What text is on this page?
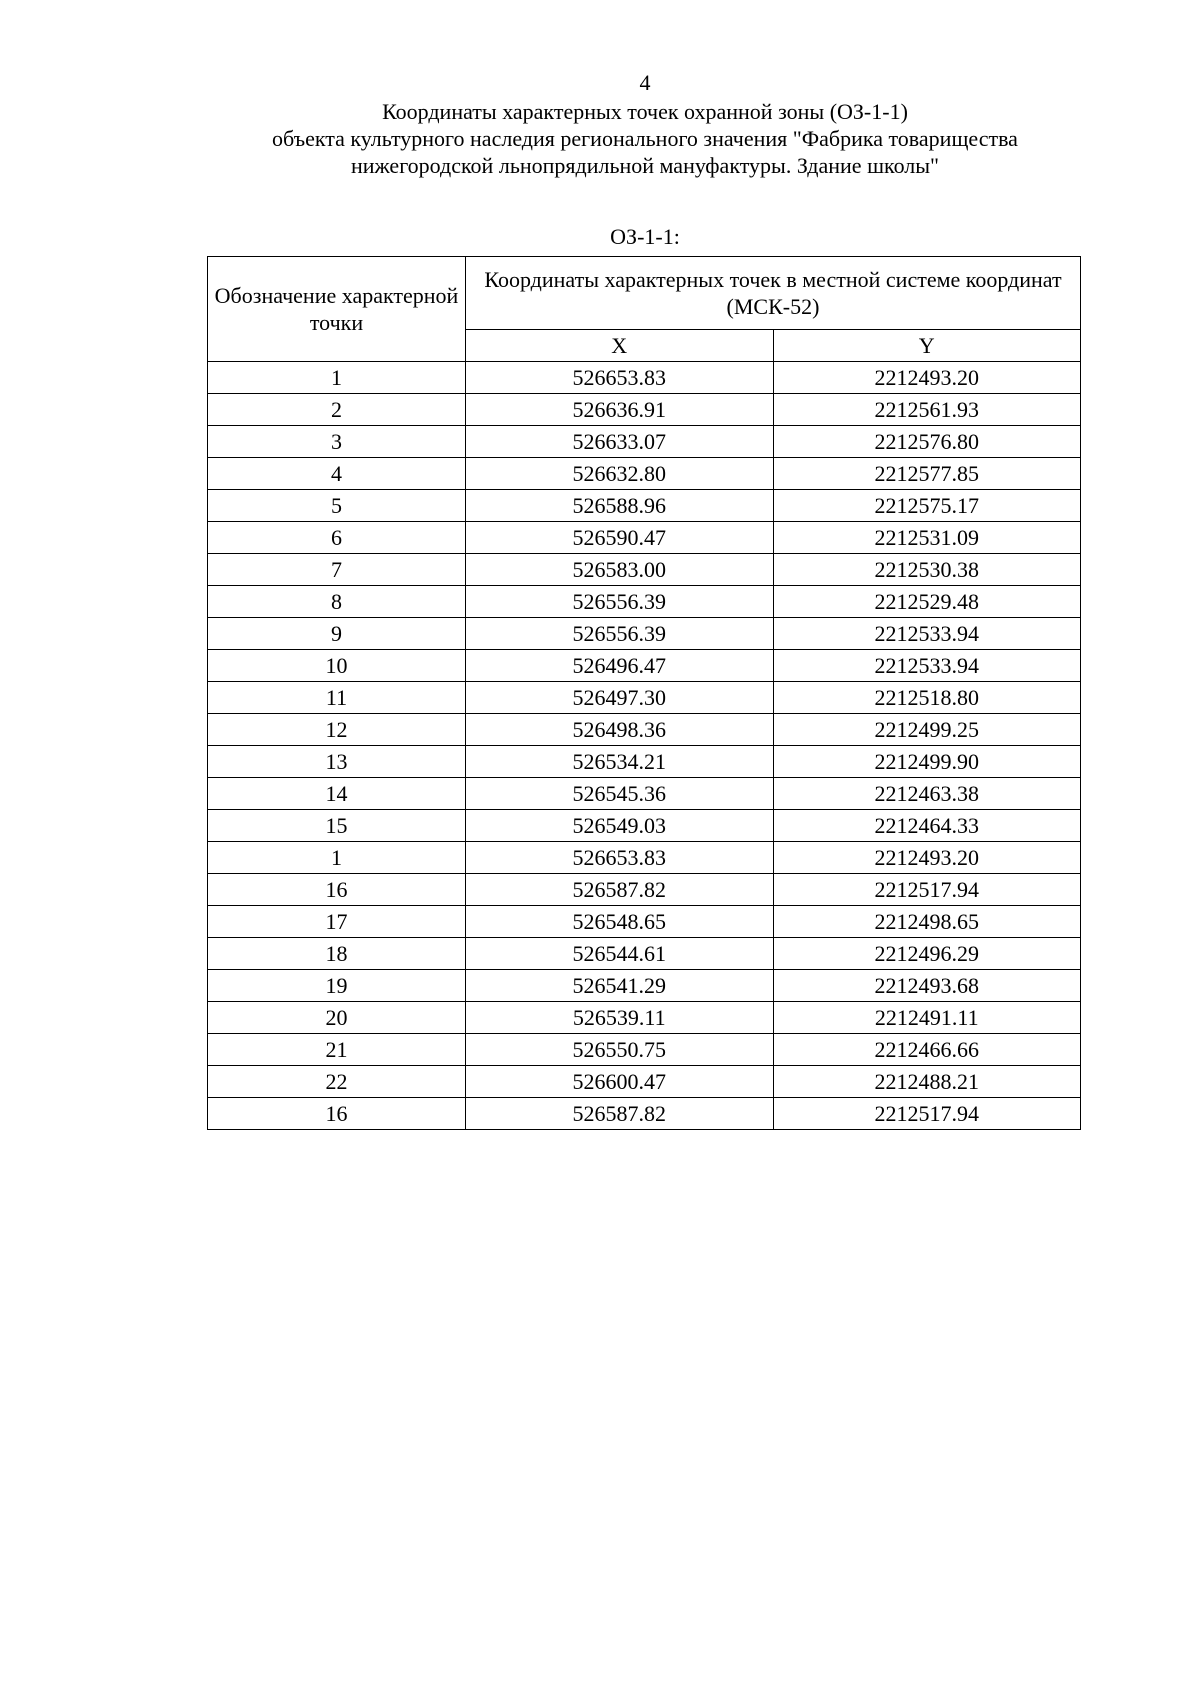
4
Координаты характерных точек охранной зоны (ОЗ-1-1)
объекта культурного наследия регионального значения "Фабрика товарищества
нижегородской льнопрядильной мануфактуры. Здание школы"
ОЗ-1-1:
Обозначение характерной точки	Координаты характерных точек в местной системе координат (МСК-52)	
	X	Y
1	526653.83	2212493.20
2	526636.91	2212561.93
3	526633.07	2212576.80
4	526632.80	2212577.85
5	526588.96	2212575.17
6	526590.47	2212531.09
7	526583.00	2212530.38
8	526556.39	2212529.48
9	526556.39	2212533.94
10	526496.47	2212533.94
11	526497.30	2212518.80
12	526498.36	2212499.25
13	526534.21	2212499.90
14	526545.36	2212463.38
15	526549.03	2212464.33
1	526653.83	2212493.20
16	526587.82	2212517.94
17	526548.65	2212498.65
18	526544.61	2212496.29
19	526541.29	2212493.68
20	526539.11	2212491.11
21	526550.75	2212466.66
22	526600.47	2212488.21
16	526587.82	2212517.94
